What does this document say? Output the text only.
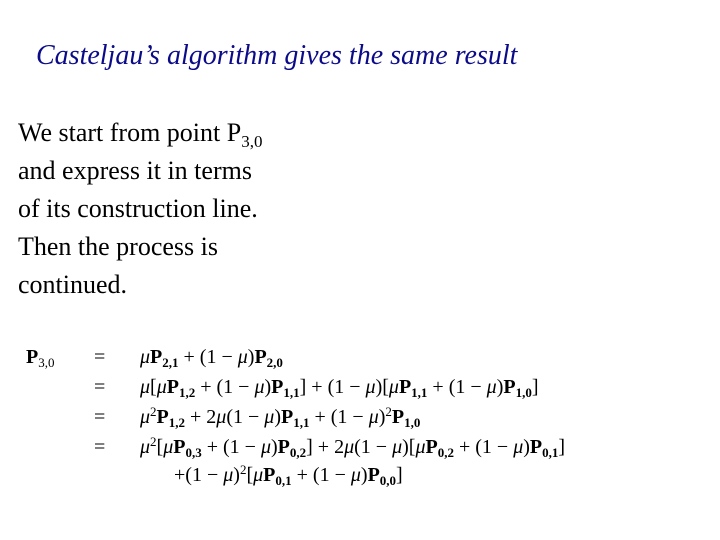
Casteljau’s algorithm gives the same result
We start from point $P_{3,0}$
and express it in terms
of its construction line.
Then the process is
continued.
$P_{3,0} = \mu P_{2,1} + (1 - \mu)P_{2,0}$
= $\mu[\mu P_{1,2} + (1 - \mu)P_{1,1}] + (1 - \mu)[\mu P_{1,1} + (1 - \mu)P_{1,0}]$
= $\mu^2P_{1,2} + 2\mu(1 - \mu)P_{1,1} + (1 - \mu)^2P_{1,0}$
= $\mu^2[\mu P_{0,3} + (1 - \mu)P_{0,2}] + 2\mu(1 - \mu)[\mu P_{0,2} + (1 - \mu)P_{0,1}]$
$+(1 - \mu)^2[\mu P_{0,1} + (1 - \mu)P_{0,0}]$
